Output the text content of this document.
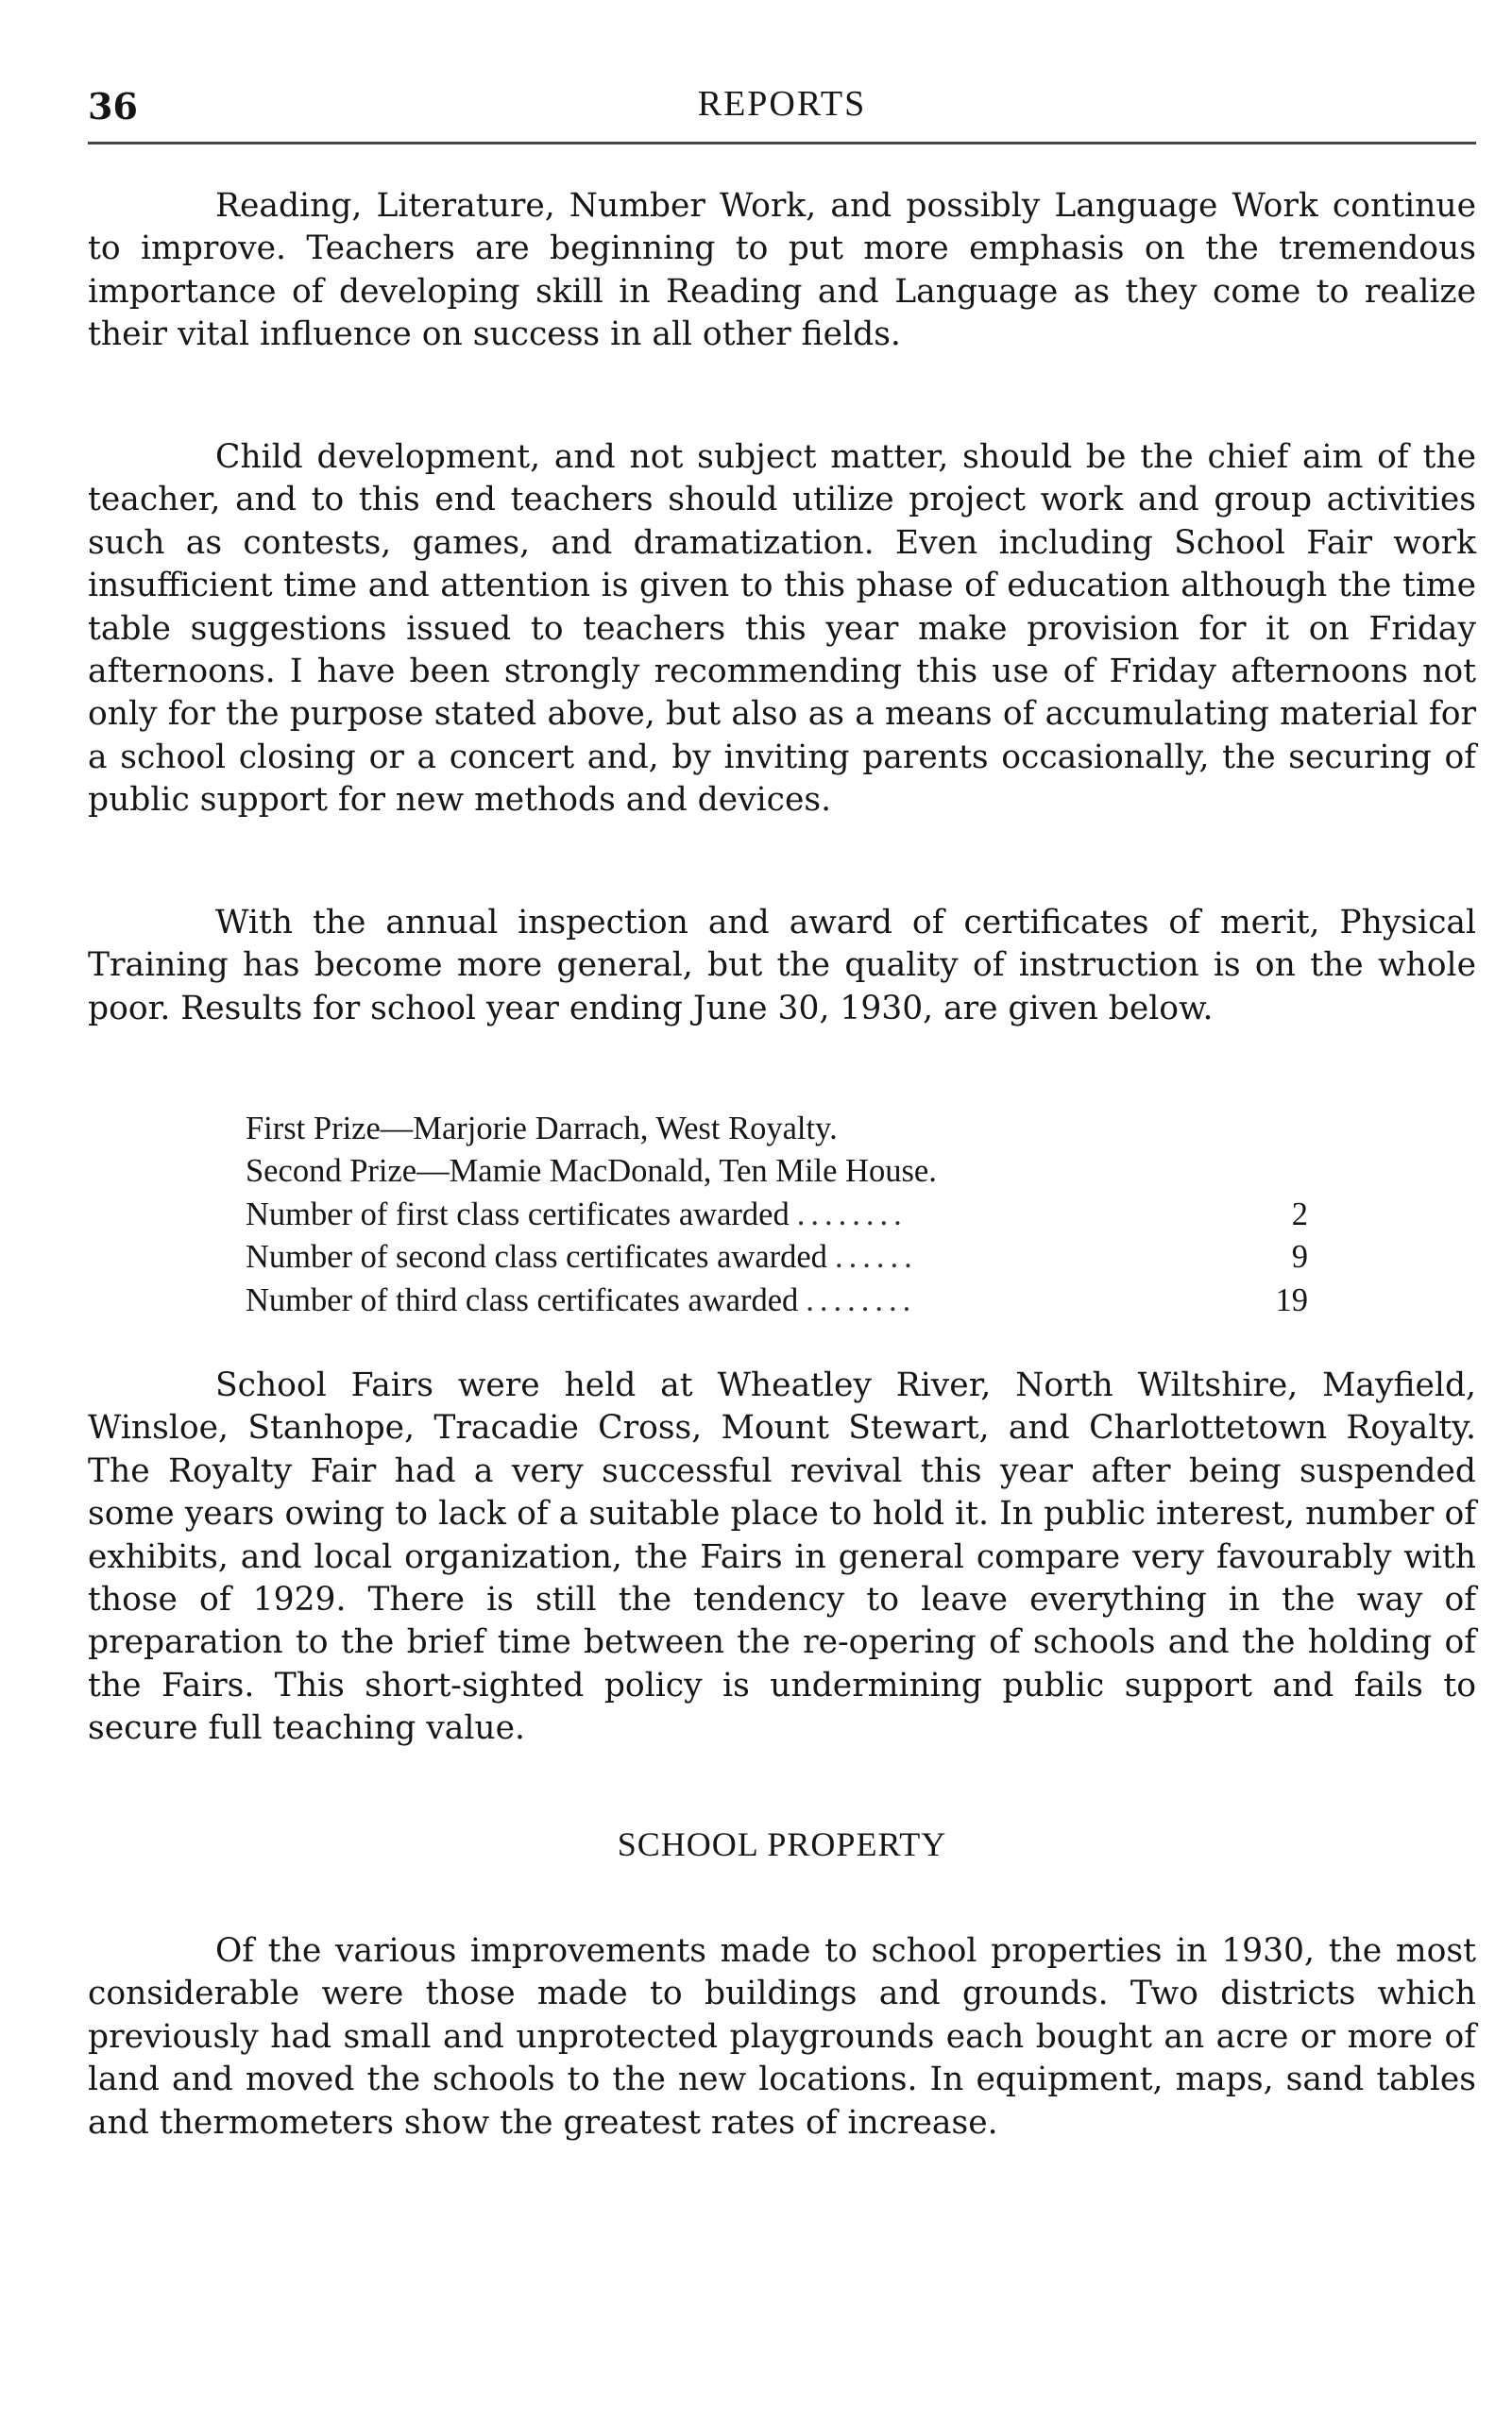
36	REPORTS

Reading, Literature, Number Work, and possibly Language Work continue to improve. Teachers are beginning to put more emphasis on the tremendous importance of developing skill in Reading and Language as they come to realize their vital influence on success in all other fields.

Child development, and not subject matter, should be the chief aim of the teacher, and to this end teachers should utilize project work and group activities such as contests, games, and dramatization. Even including School Fair work insufficient time and attention is given to this phase of education although the time table suggestions issued to teachers this year make provision for it on Friday afternoons. I have been strongly recommending this use of Friday afternoons not only for the purpose stated above, but also as a means of accumulating material for a school closing or a concert and, by inviting parents occasionally, the securing of public support for new methods and devices.

With the annual inspection and award of certificates of merit, Physical Training has become more general, but the quality of instruction is on the whole poor. Results for school year ending June 30, 1930, are given below.

First Prize—Marjorie Darrach, West Royalty.
Second Prize—Mamie MacDonald, Ten Mile House.
Number of first class certificates awarded ........	2
Number of second class certificates awarded ......	9
Number of third class certificates awarded ........	19

School Fairs were held at Wheatley River, North Wiltshire, Mayfield, Winsloe, Stanhope, Tracadie Cross, Mount Stewart, and Charlottetown Royalty. The Royalty Fair had a very successful revival this year after being suspended some years owing to lack of a suitable place to hold it. In public interest, number of exhibits, and local organization, the Fairs in general compare very favourably with those of 1929. There is still the tendency to leave everything in the way of preparation to the brief time between the re-opering of schools and the holding of the Fairs. This short-sighted policy is undermining public support and fails to secure full teaching value.

SCHOOL PROPERTY

Of the various improvements made to school properties in 1930, the most considerable were those made to buildings and grounds. Two districts which previously had small and unprotected playgrounds each bought an acre or more of land and moved the schools to the new locations. In equipment, maps, sand tables and thermometers show the greatest rates of increase.
